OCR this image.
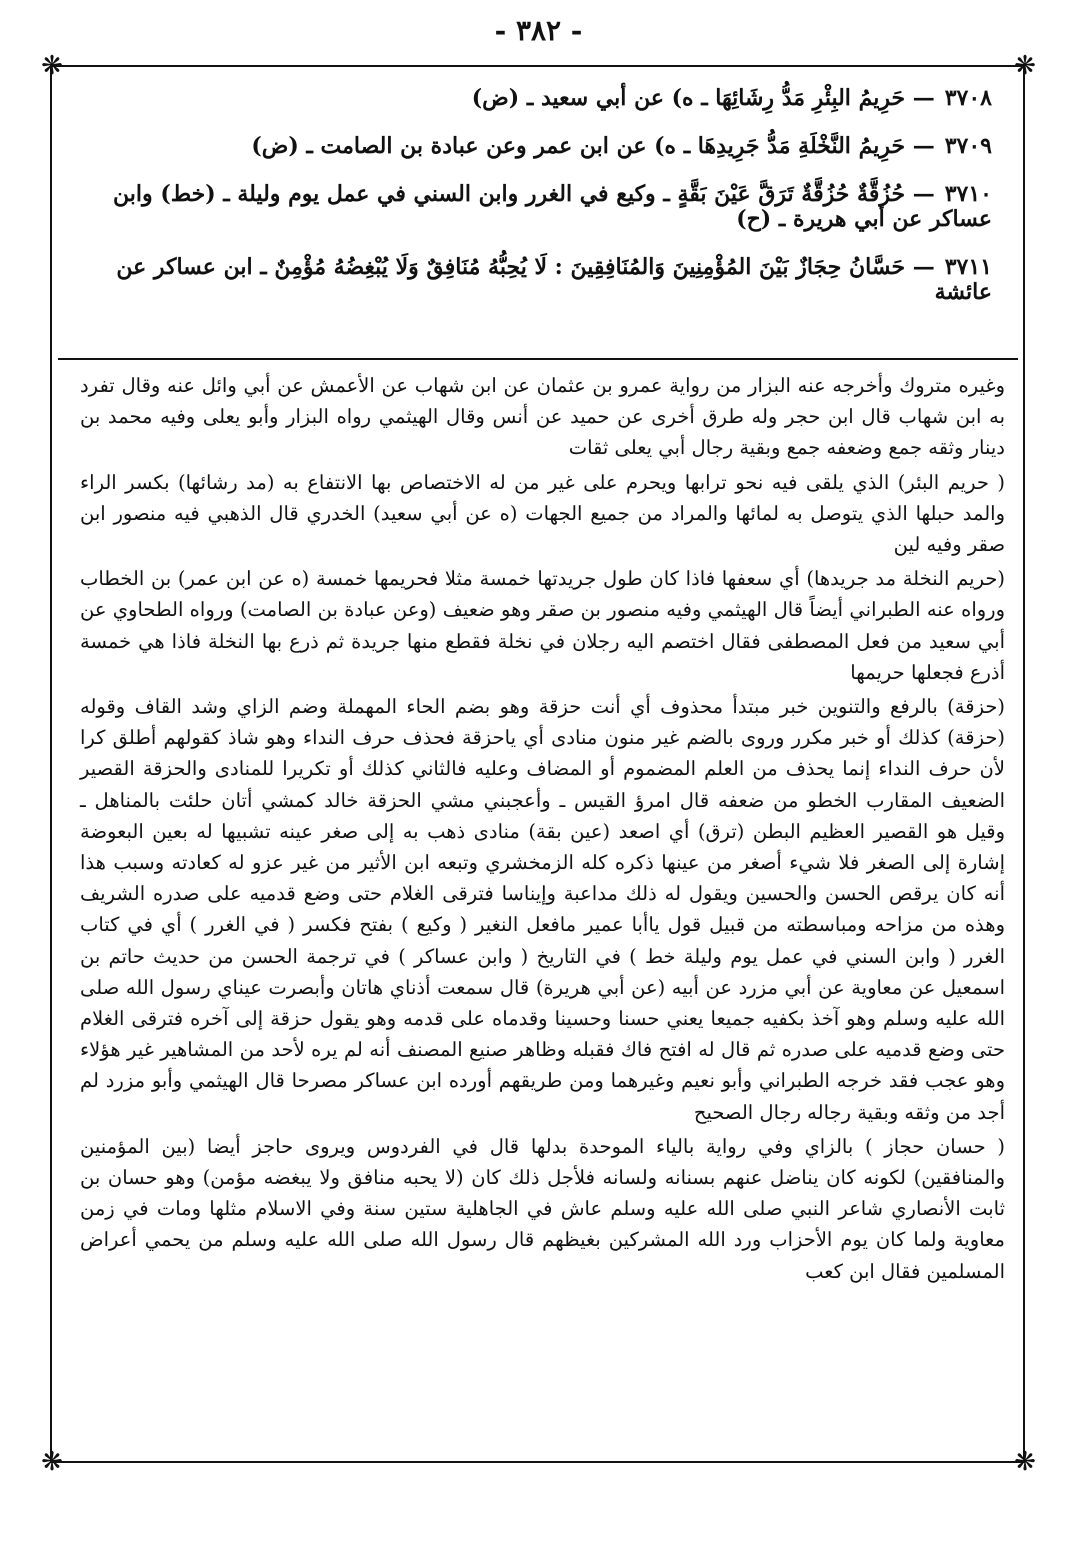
- ٣٨٢ -
❋	❋
❋	❋

٣٧٠٨— حَرِيمُ البِئْرِ مَدُّ رِشَائِهَا ـ ه) عن أبي سعيد ـ (ض)

٣٧٠٩— حَرِيمُ النَّخْلَةِ مَدُّ جَرِيدِهَا ـ ه) عن ابن عمر وعن عبادة بن الصامت ـ (ض)

٣٧١٠— حُزُقَّةٌ حُزُقَّةٌ تَرَقَّ عَيْنَ بَقَّةٍ ـ وكيع في الغرر وابن السني في عمل يوم وليلة ـ (خط) وابن عساكر عن أبي هريرة ـ (ح)

٣٧١١— حَسَّانُ حِجَازٌ بَيْنَ المُؤْمِنِينَ وَالمُنَافِقِينَ : لَا يُحِبُّهُ مُنَافِقٌ وَلَا يُبْغِضُهُ مُؤْمِنٌ ـ ابن عساكر عن عائشة

وغيره متروك وأخرجه عنه البزار من رواية عمرو بن عثمان عن ابن شهاب عن الأعمش عن أبي وائل عنه وقال تفرد به ابن شهاب قال ابن حجر وله طرق أخرى عن حميد عن أنس وقال الهيثمي رواه البزار وأبو يعلى وفيه محمد بن دينار وثقه جمع وضعفه جمع وبقية رجال أبي يعلى ثقات

( حريم البئر) الذي يلقى فيه نحو ترابها ويحرم على غير من له الاختصاص بها الانتفاع به (مد رشائها) بكسر الراء والمد حبلها الذي يتوصل به لمائها والمراد من جميع الجهات (ه عن أبي سعيد) الخدري قال الذهبي فيه منصور ابن صقر وفيه لين

(حريم النخلة مد جريدها) أي سعفها فاذا كان طول جريدتها خمسة مثلا فحريمها خمسة (ه عن ابن عمر) بن الخطاب ورواه عنه الطبراني أيضاً قال الهيثمي وفيه منصور بن صقر وهو ضعيف (وعن عبادة بن الصامت) ورواه الطحاوي عن أبي سعيد من فعل المصطفى فقال اختصم اليه رجلان في نخلة فقطع منها جريدة ثم ذرع بها النخلة فاذا هي خمسة أذرع فجعلها حريمها

(حزقة) بالرفع والتنوين خبر مبتدأ محذوف أي أنت حزقة وهو بضم الحاء المهملة وضم الزاي وشد القاف وقوله (حزقة) كذلك أو خبر مكرر وروى بالضم غير منون منادى أي ياحزقة فحذف حرف النداء وهو شاذ كقولهم أطلق كرا لأن حرف النداء إنما يحذف من العلم المضموم أو المضاف وعليه فالثاني كذلك أو تكريرا للمنادى والحزقة القصير الضعيف المقارب الخطو من ضعفه قال امرؤ القيس ـ وأعجبني مشي الحزقة خالد كمشي أتان حلئت بالمناهل ـ وقيل هو القصير العظيم البطن (ترق) أي اصعد (عين بقة) منادى ذهب به إلى صغر عينه تشبيها له بعين البعوضة إشارة إلى الصغر فلا شيء أصغر من عينها ذكره كله الزمخشري وتبعه ابن الأثير من غير عزو له كعادته وسبب هذا أنه كان يرقص الحسن والحسين ويقول له ذلك مداعبة وإيناسا فترقى الغلام حتى وضع قدميه على صدره الشريف وهذه من مزاحه ومباسطته من قبيل قول ياأبا عمير مافعل النغير ( وكيع ) بفتح فكسر ( في الغرر ) أي في كتاب الغرر ( وابن السني في عمل يوم وليلة خط ) في التاريخ ( وابن عساكر ) في ترجمة الحسن من حديث حاتم بن اسمعيل عن معاوية عن أبي مزرد عن أبيه (عن أبي هريرة) قال سمعت أذناي هاتان وأبصرت عيناي رسول الله صلى الله عليه وسلم وهو آخذ بكفيه جميعا يعني حسنا وحسينا وقدماه على قدمه وهو يقول حزقة إلى آخره فترقى الغلام حتى وضع قدميه على صدره ثم قال له افتح فاك فقبله وظاهر صنيع المصنف أنه لم يره لأحد من المشاهير غير هؤلاء وهو عجب فقد خرجه الطبراني وأبو نعيم وغيرهما ومن طريقهم أورده ابن عساكر مصرحا قال الهيثمي وأبو مزرد لم أجد من وثقه وبقية رجاله رجال الصحيح

( حسان حجاز ) بالزاي وفي رواية بالياء الموحدة بدلها قال في الفردوس ويروى حاجز أيضا (بين المؤمنين والمنافقين) لكونه كان يناضل عنهم بسنانه ولسانه فلأجل ذلك كان (لا يحبه منافق ولا يبغضه مؤمن) وهو حسان بن ثابت الأنصاري شاعر النبي صلى الله عليه وسلم عاش في الجاهلية ستين سنة وفي الاسلام مثلها ومات في زمن معاوية ولما كان يوم الأحزاب ورد الله المشركين بغيظهم قال رسول الله صلى الله عليه وسلم من يحمي أعراض المسلمين فقال ابن كعب
